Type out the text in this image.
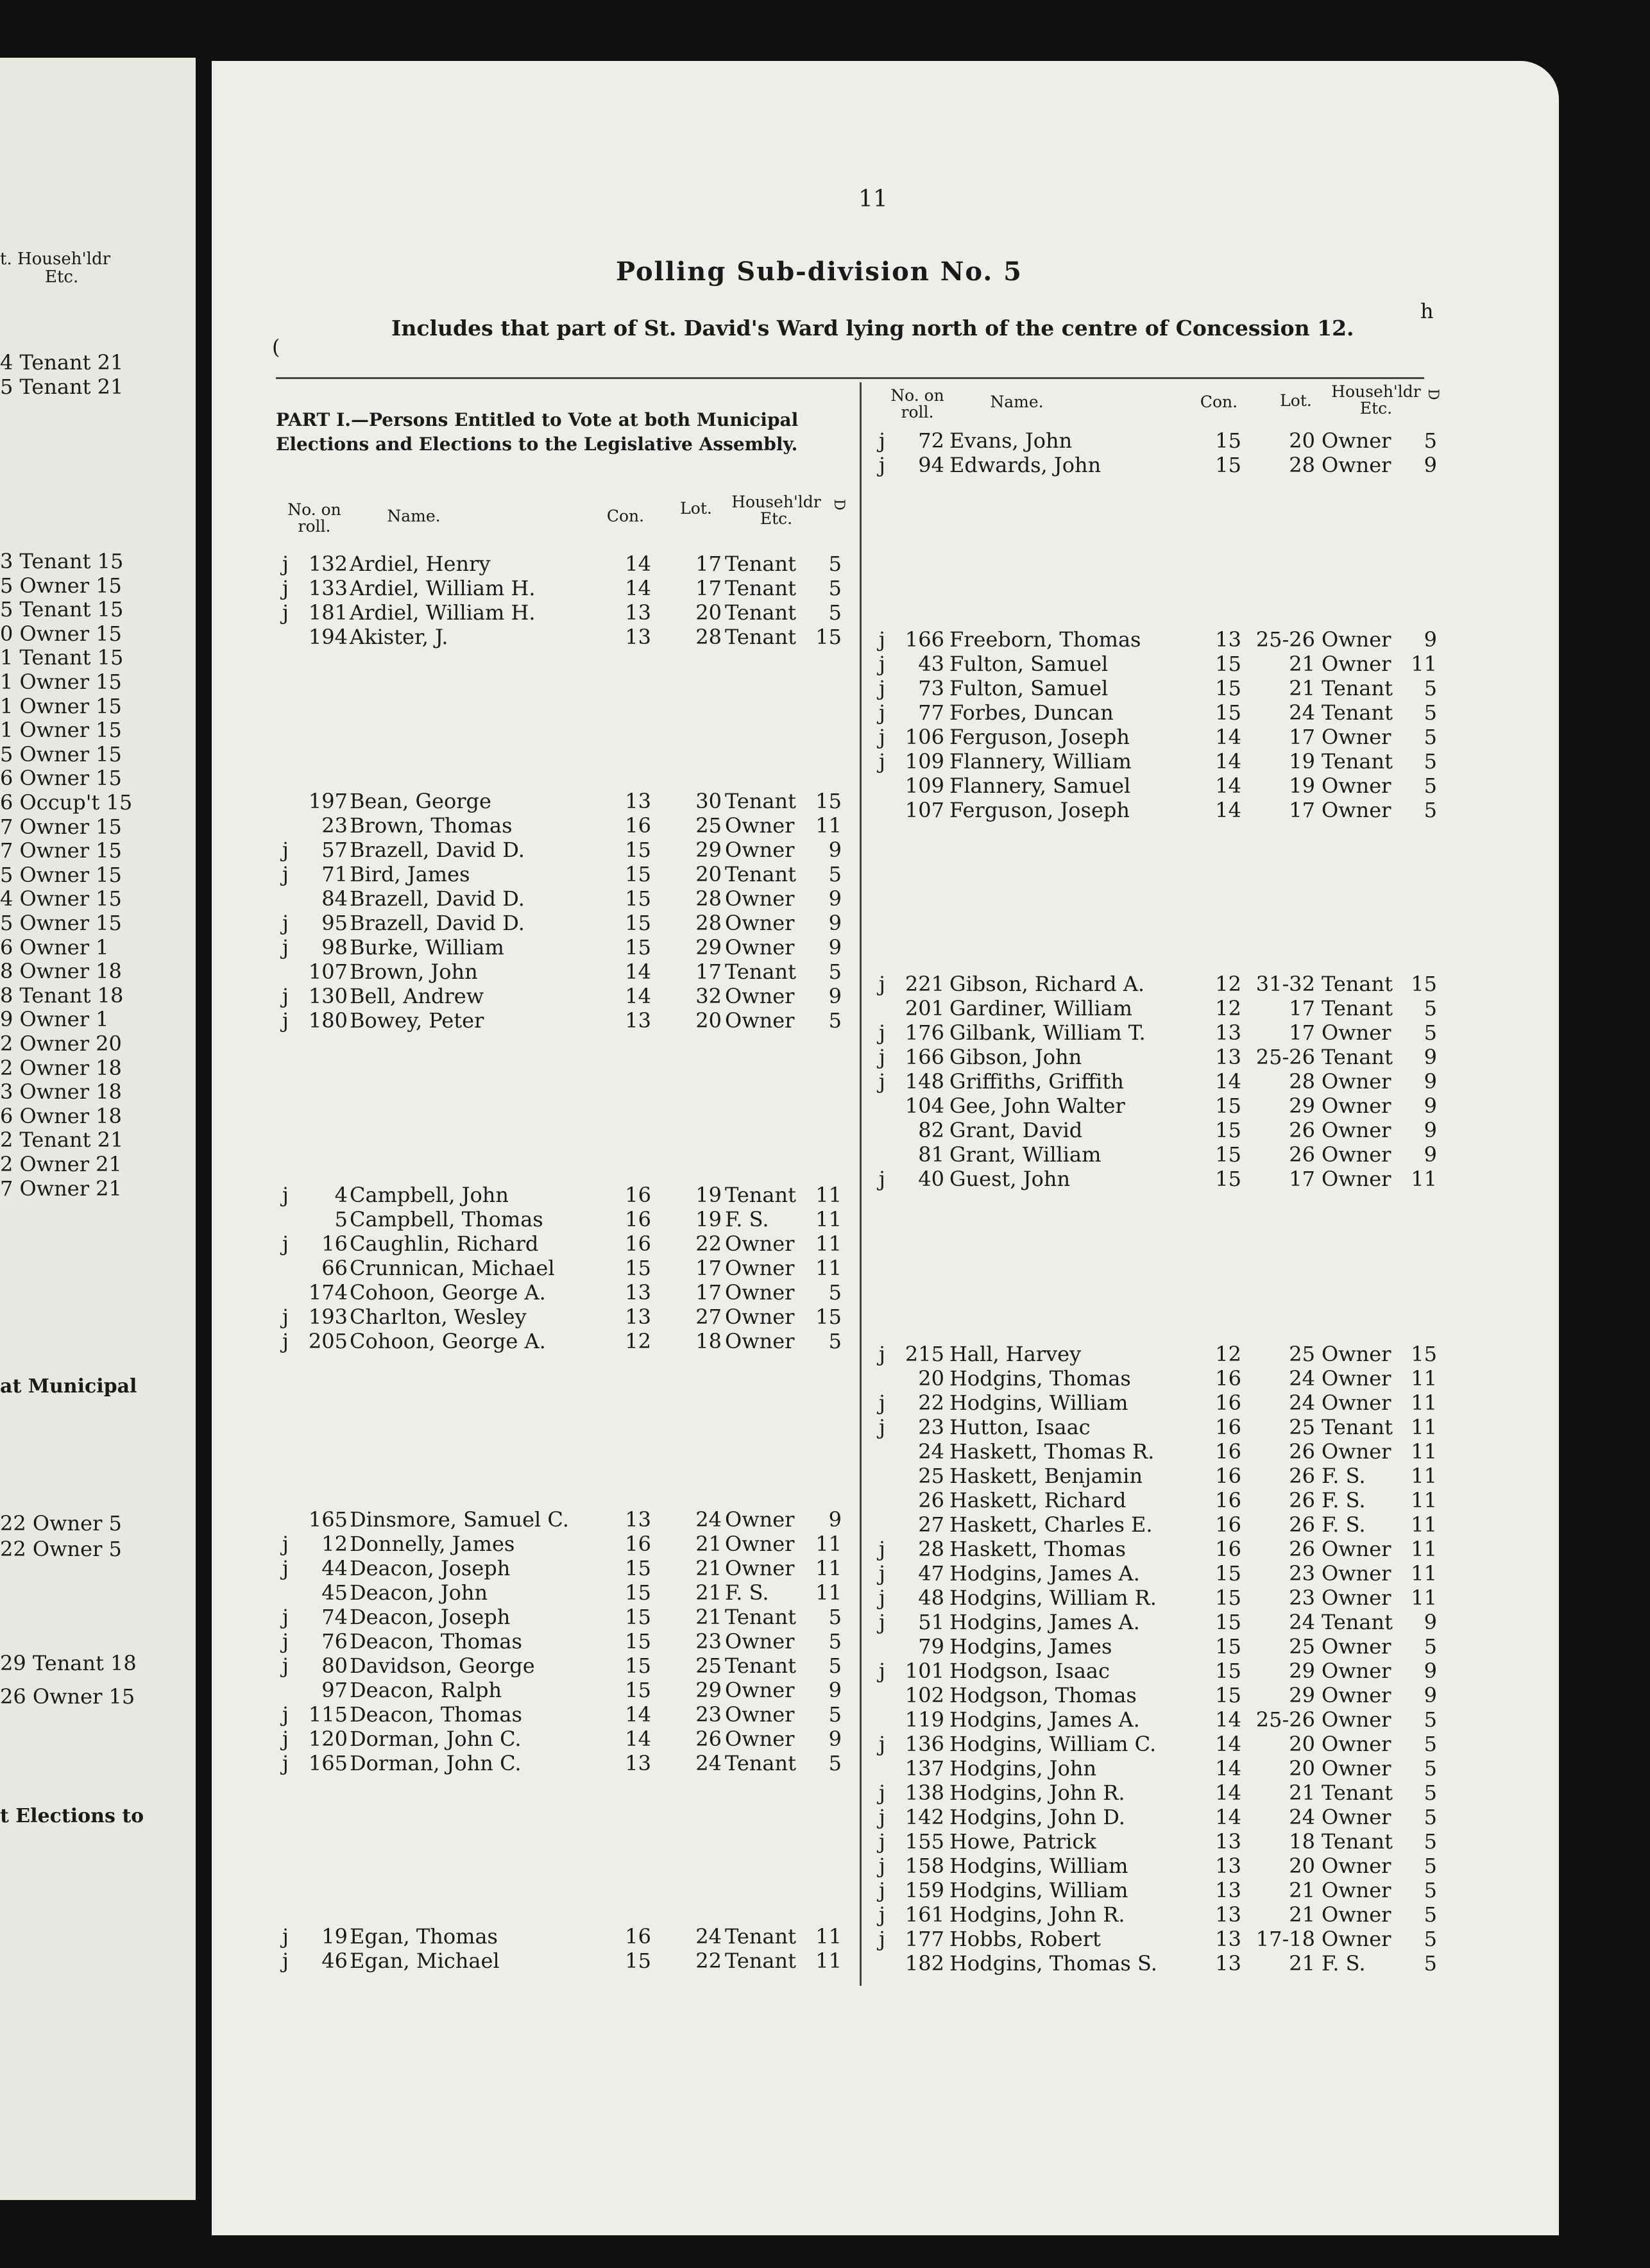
t. Househ'ldr
Etc.
4 Tenant 21
5 Tenant 21
3 Tenant 15
5 Owner 15
5 Tenant 15
0 Owner 15
1 Tenant 15
1 Owner 15
1 Owner 15
1 Owner 15
5 Owner 15
6 Owner 15
6 Occup't 15
7 Owner 15
7 Owner 15
5 Owner 15
4 Owner 15
5 Owner 15
6 Owner 1
8 Owner 18
8 Tenant 18
9 Owner 1
2 Owner 20
2 Owner 18
3 Owner 18
6 Owner 18
2 Tenant 21
2 Owner 21
7 Owner 21
at Municipal
22 Owner 5
22 Owner 5
29 Tenant 18
26 Owner 15
t Elections to
11
Polling Sub-division No. 5
(
Includes that part of St. David's Ward lying north of the centre of Concession 12.
h
PART I.—Persons Entitled to Vote at both Municipal Elections and Elections to the Legislative Assembly.
No. on roll.
Name.	Con.	Lot.	Househ'ldr Etc.
D
No. on roll.
Name.	Con.	Lot.	Househ'ldr Etc.
D
j 132 Ardiel, Henry	14	17 Tenant	5
j 133 Ardiel, William H.	14	17 Tenant	5
j 181 Ardiel, William H.	13	20 Tenant	5
194 Akister, J.	13	28 Tenant 15
197 Bean, George	13	30 Tenant 15
23 Brown, Thomas	16	25 Owner 11
j	57 Brazell, David D.	15	29 Owner	9
j	71 Bird, James	15	20 Tenant	5
84 Brazell, David D.	15	28 Owner	9
j	95 Brazell, David D.	15	28 Owner	9
j	98 Burke, William	15	29 Owner	9
107 Brown, John	14	17 Tenant	5
j 130 Bell, Andrew	14	32 Owner	9
j 180 Bowey, Peter	13	20 Owner	5
j	4 Campbell, John	16	19 Tenant 11
5 Campbell, Thomas	16	19 F. S. 11
j	16 Caughlin, Richard	16	22 Owner 11
66 Crunnican, Michael	15	17 Owner 11
174 Cohoon, George A.	13	17 Owner	5
j 193 Charlton, Wesley	13	27 Owner 15
j 205 Cohoon, George A.	12	18 Owner	5
165 Dinsmore, Samuel C.	13	24 Owner	9
j	12 Donnelly, James	16	21 Owner 11
j	44 Deacon, Joseph	15	21 Owner 11
45 Deacon, John	15	21 F. S. 11
j	74 Deacon, Joseph	15	21 Tenant	5
j	76 Deacon, Thomas	15	23 Owner	5
j	80 Davidson, George	15	25 Tenant	5
97 Deacon, Ralph	15	29 Owner	9
j 115 Deacon, Thomas	14	23 Owner	5
j 120 Dorman, John C.	14	26 Owner	9
j 165 Dorman, John C.	13	24 Tenant	5
j	19 Egan, Thomas	16	24 Tenant 11
j	46 Egan, Michael	15	22 Tenant 11
j	72 Evans, John	15	20 Owner	5
j	94 Edwards, John	15	28 Owner	9
j 166 Freeborn, Thomas	13 25-26 Owner	9
j	43 Fulton, Samuel	15	21 Owner 11
j	73 Fulton, Samuel	15	21 Tenant	5
j	77 Forbes, Duncan	15	24 Tenant	5
j 106 Ferguson, Joseph	14	17 Owner	5
j 109 Flannery, William	14	19 Tenant	5
109 Flannery, Samuel	14	19 Owner	5
107 Ferguson, Joseph	14	17 Owner	5
j 221 Gibson, Richard A.	12 31-32 Tenant 15
201 Gardiner, William	12	17 Tenant	5
j 176 Gilbank, William T.	13	17 Owner	5
j 166 Gibson, John	13 25-26 Tenant	9
j 148 Griffiths, Griffith	14	28 Owner	9
104 Gee, John Walter	15	29 Owner	9
82 Grant, David	15	26 Owner	9
81 Grant, William	15	26 Owner	9
j	40 Guest, John	15	17 Owner 11
j 215 Hall, Harvey	12	25 Owner 15
20 Hodgins, Thomas	16	24 Owner 11
j	22 Hodgins, William	16	24 Owner 11
j	23 Hutton, Isaac	16	25 Tenant 11
24 Haskett, Thomas R.	16	26 Owner 11
25 Haskett, Benjamin	16	26 F. S. 11
26 Haskett, Richard	16	26 F. S. 11
27 Haskett, Charles E.	16	26 F. S. 11
j	28 Haskett, Thomas	16	26 Owner 11
j	47 Hodgins, James A.	15	23 Owner 11
j	48 Hodgins, William R.	15	23 Owner 11
j	51 Hodgins, James A.	15	24 Tenant	9
79 Hodgins, James	15	25 Owner	5
j 101 Hodgson, Isaac	15	29 Owner	9
102 Hodgson, Thomas	15	29 Owner	9
119 Hodgins, James A.	14 25-26 Owner	5
j 136 Hodgins, William C.	14	20 Owner	5
137 Hodgins, John	14	20 Owner	5
j 138 Hodgins, John R.	14	21 Tenant	5
j 142 Hodgins, John D.	14	24 Owner	5
j 155 Howe, Patrick	13	18 Tenant	5
j 158 Hodgins, William	13	20 Owner	5
j 159 Hodgins, William	13	21 Owner	5
j 161 Hodgins, John R.	13	21 Owner	5
j 177 Hobbs, Robert	13 17-18 Owner	5
182 Hodgins, Thomas S.	13	21 F. S.	5
